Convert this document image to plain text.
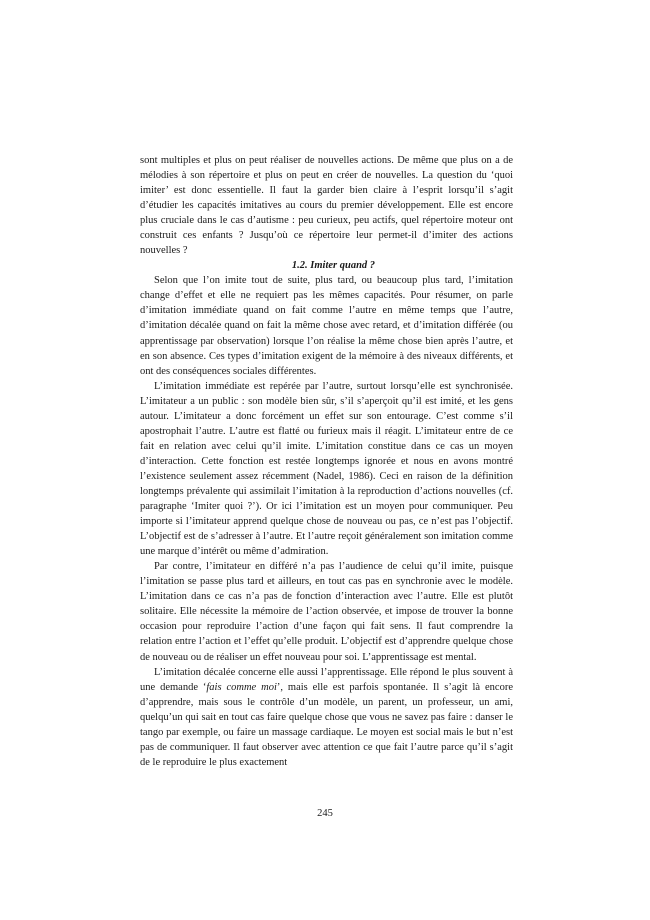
sont multiples et plus on peut réaliser de nouvelles actions. De même que plus on a de mélodies à son répertoire et plus on peut en créer de nouvelles. La question du ‘quoi imiter’ est donc essentielle. Il faut la garder bien claire à l’esprit lorsqu’il s’agit d’étudier les capacités imitatives au cours du premier développement. Elle est encore plus cruciale dans le cas d’autisme : peu curieux, peu actifs, quel répertoire moteur ont construit ces enfants ? Jusqu’où ce répertoire leur permet-il d’imiter des actions nouvelles ?

1.2. Imiter quand ?

Selon que l’on imite tout de suite, plus tard, ou beaucoup plus tard, l’imitation change d’effet et elle ne requiert pas les mêmes capacités. Pour résumer, on parle d’imitation immédiate quand on fait comme l’autre en même temps que l’autre, d’imitation décalée quand on fait la même chose avec retard, et d’imitation différée (ou apprentissage par observation) lorsque l’on réalise la même chose bien après l’autre, et en son absence. Ces types d’imitation exigent de la mémoire à des niveaux différents, et ont des conséquences sociales différentes.

L’imitation immédiate est repérée par l’autre, surtout lorsqu’elle est synchronisée. L’imitateur a un public : son modèle bien sûr, s’il s’aperçoit qu’il est imité, et les gens autour. L’imitateur a donc forcément un effet sur son entourage. C’est comme s’il apostrophait l’autre. L’autre est flatté ou furieux mais il réagit. L’imitateur entre de ce fait en relation avec celui qu’il imite. L’imitation constitue dans ce cas un moyen d’interaction. Cette fonction est restée longtemps ignorée et nous en avons montré l’existence seulement assez récemment (Nadel, 1986). Ceci en raison de la définition longtemps prévalente qui assimilait l’imitation à la reproduction d’actions nouvelles (cf. paragraphe ‘Imiter quoi ?’). Or ici l’imitation est un moyen pour communiquer. Peu importe si l’imitateur apprend quelque chose de nouveau ou pas, ce n’est pas l’objectif. L’objectif est de s’adresser à l’autre. Et l’autre reçoit généralement son imitation comme une marque d’intérêt ou même d’admiration.

Par contre, l’imitateur en différé n’a pas l’audience de celui qu’il imite, puisque l’imitation se passe plus tard et ailleurs, en tout cas pas en synchronie avec le modèle. L’imitation dans ce cas n’a pas de fonction d’interaction avec l’autre. Elle est plutôt solitaire. Elle nécessite la mémoire de l’action observée, et impose de trouver la bonne occasion pour reproduire l’action d’une façon qui fait sens. Il faut comprendre la relation entre l’action et l’effet qu’elle produit. L’objectif est d’apprendre quelque chose de nouveau ou de réaliser un effet nouveau pour soi. L’apprentissage est mental.

L’imitation décalée concerne elle aussi l’apprentissage. Elle répond le plus souvent à une demande ‘fais comme moi’, mais elle est parfois spontanée. Il s’agit là encore d’apprendre, mais sous le contrôle d’un modèle, un parent, un professeur, un ami, quelqu’un qui sait en tout cas faire quelque chose que vous ne savez pas faire : danser le tango par exemple, ou faire un massage cardiaque. Le moyen est social mais le but n’est pas de communiquer. Il faut observer avec attention ce que fait l’autre parce qu’il s’agit de le reproduire le plus exactement

245
